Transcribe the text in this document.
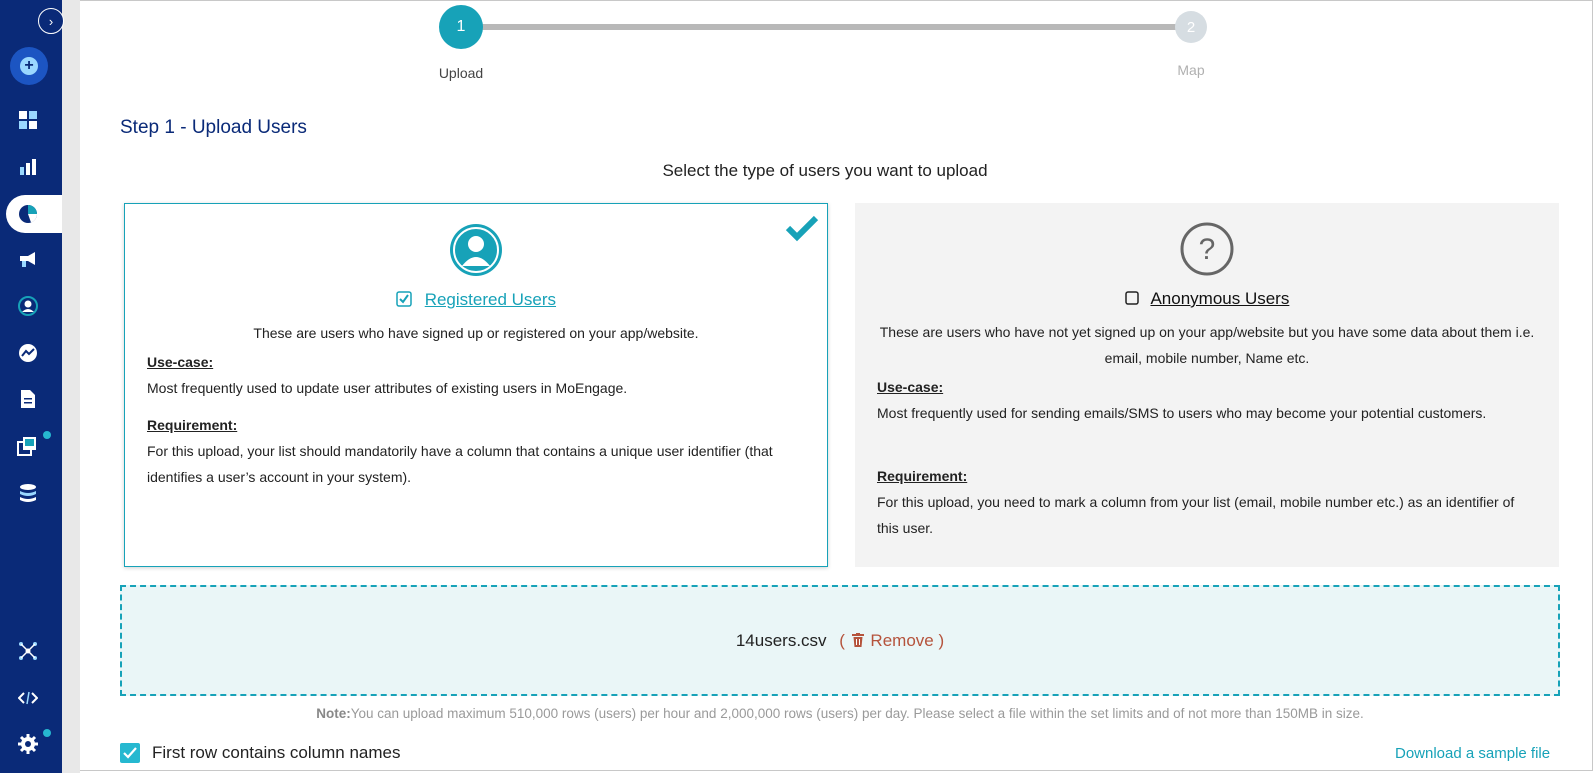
+
›	1	2
Upload	Map
Step 1 - Upload Users
Select the type of users you want to upload
Registered Users
These are users who have signed up or registered on your app/website.
Use-case:
Most frequently used to update user attributes of existing users in MoEngage.
Requirement:
For this upload, your list should mandatorily have a column that contains a unique user identifier (that identifies a user’s account in your system).
?
Anonymous Users
These are users who have not yet signed up on your app/website but you have some data about them i.e. email, mobile number, Name etc.
Use-case:
Most frequently used for sending emails/SMS to users who may become your potential customers.
Requirement:
For this upload, you need to mark a column from your list (email, mobile number etc.) as an identifier of this user.
14users.csv ( Remove )
Note:You can upload maximum 510,000 rows (users) per hour and 2,000,000 rows (users) per day. Please select a file within the set limits and of not more than 150MB in size.
First row contains column names	Download a sample file
